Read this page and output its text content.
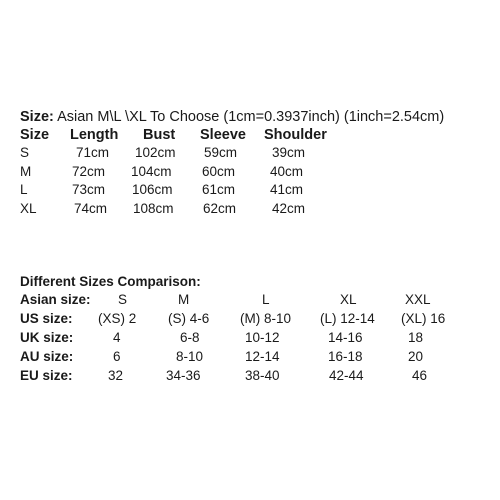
Size: Asian M\L \XL To Choose (1cm=0.3937inch) (1inch=2.54cm)
Size Length Bust Sleeve Shoulder
S	71cm 102cm 59cm	39cm
M	72cm 104cm 60cm	40cm
L	73cm 106cm 61cm	41cm
XL	74cm 108cm 62cm	42cm
Different Sizes Comparison:
Asian size: S	M	L	XL	XXL
US size: (XS) 2 (S) 4-6 (M) 8-10 (L) 12-14 (XL) 16
UK size:	4	6-8	10-12	14-16	18
AU size:	6	8-10	12-14	16-18	20
EU size:	32	34-36	38-40	42-44	46
